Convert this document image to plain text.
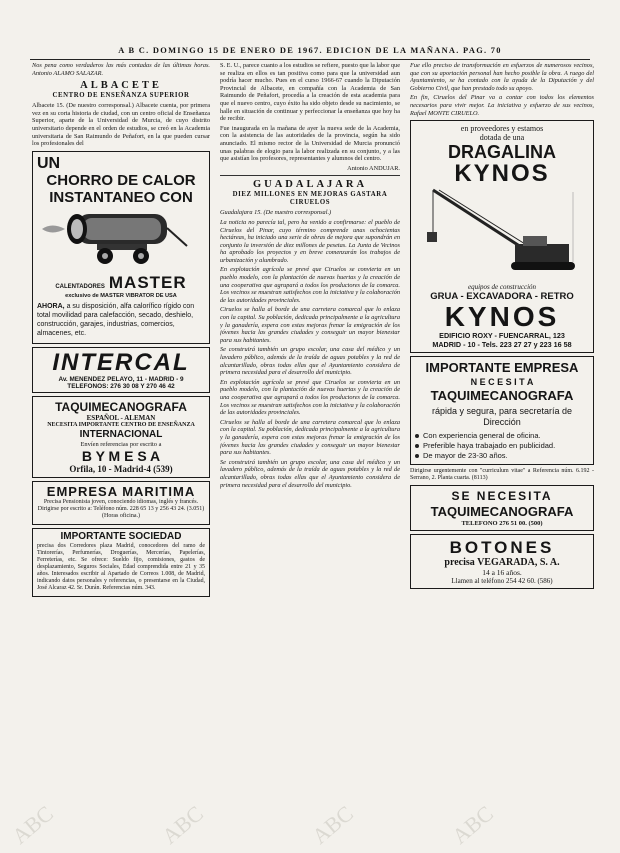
A B C. DOMINGO 15 DE ENERO DE 1967. EDICION DE LA MAÑANA. PAG. 70

Nos pena como verdaderos las más contadas de las últimas horas. Antonio ALAMO SALAZAR.

ALBACETE
CENTRO DE ENSEÑANZA SUPERIOR

Albacete 15. (De nuestro corresponsal.) Albacete cuenta, por primera vez en su corta historia de ciudad, con un centro oficial de Enseñanza Superior, aparte de la Universidad de Murcia, de cuyo distrito universitario depende en el orden de estudios, se creó en la Academia universitaria de San Raimundo de Peñafort, en la que pueden cursar los profesionales del

UN
CHORRO DE CALOR
INSTANTANEO CON
CALENTADORES MASTER
exclusivo de MASTER VIBRATOR DE USA

AHORA, a su disposición, alfa calorífico rígido con total movilidad para calefacción, secado, deshielo, construcción, garajes, industrias, comercios, almacenes, etc.

INTERCAL
Av. MENENDEZ PELAYO, 11 - MADRID - 9
TELEFONOS: 276 30 08 Y 270 46 42
TAQUIMECANOGRAFA
ESPAÑOL - ALEMAN
NECESITA IMPORTANTE CENTRO DE ENSEÑANZA
INTERNACIONAL
Envíen referencias por escrito a
B Y M E S A
Orfila, 10 - Madrid-4 (539)
EMPRESA MARITIMA

Precisa Pensionista joven, conociendo idiomas, inglés y francés. Dirigirse por escrito a: Teléfono núm. 228 65 13 y 256 43 24. (3.051) (Horas oficina.)

IMPORTANTE SOCIEDAD

precisa dos Corredores plaza Madrid, conocedores del ramo de Tintorerías, Perfumerías, Droguerías, Mercerías, Papelerías, Ferreterías, etc. Se ofrece: Sueldo fijo, comisiones, gastos de desplazamiento, Seguros Sociales, Edad comprendida entre 21 y 35 años. Interesados escribir al Apartado de Correos 1.008, de Madrid, indicando datos personales y referencias, o presentarse en la Ciudad, José Alcaraz 42. Sr. Durán. Referencias núm. 343.

S. E. U., parece cuanto a los estudios se refiere, puesto que la labor que se realiza en ellos es tan positiva como para que la universidad aun podría hacer mucho. Pues en el curso 1966-67 cuando la Diputación Provincial de Albacete, en compañía con la Academia de San Raimundo de Peñafort, procedía a la creación de esta academia para que el nuevo centro, cuyo éxito ha sido objeto desde su nacimiento, se halle en situación de continuar y perfeccionar la enseñanza que hoy ha de recibir.

Fue inaugurada en la mañana de ayer la nueva sede de la Academia, con la asistencia de las autoridades de la provincia, según ha sido anunciado. El mismo rector de la Universidad de Murcia pronunció unas palabras de elogio para la labor realizada en su conjunto, y a las que asistían los profesores, representantes y alumnos del centro.

Antonio ANDUJAR.

GUADALAJARA
DIEZ MILLONES EN MEJORAS GASTARA CIRUELOS

Guadalajara 15. (De nuestro corresponsal.)

La noticia no parecía tal, pero ha venido a confirmarse: el pueblo de Ciruelos del Pinar, cuyo término comprende unas ochocientas hectáreas, ha iniciado una serie de obras de mejora que supondrán en conjunto la inversión de diez millones de pesetas. La Junta de Vecinos ha aprobado los proyectos y en breve comenzarán los trabajos de urbanización y alumbrado.

En explotación agrícola se prevé que Ciruelos se convierta en un pueblo modelo, con la plantación de nuevas huertas y la creación de una cooperativa que agrupará a todos los productores de la comarca. Los vecinos se muestran satisfechos con la iniciativa y la colaboración de las autoridades provinciales.

Ciruelos se halla al borde de una carretera comarcal que lo enlaza con la capital. Su población, dedicada principalmente a la agricultura y la ganadería, espera con estas mejoras frenar la emigración de los jóvenes hacia las grandes ciudades y conseguir un mayor bienestar para sus habitantes.

Se construirá también un grupo escolar, una casa del médico y un lavadero público, además de la traída de aguas potables y la red de alcantarillado, obras todas ellas que el Ayuntamiento considera de primera necesidad para el desarrollo del municipio.

En explotación agrícola se prevé que Ciruelos se convierta en un pueblo modelo, con la plantación de nuevas huertas y la creación de una cooperativa que agrupará a todos los productores de la comarca. Los vecinos se muestran satisfechos con la iniciativa y la colaboración de las autoridades provinciales.

Ciruelos se halla al borde de una carretera comarcal que lo enlaza con la capital. Su población, dedicada principalmente a la agricultura y la ganadería, espera con estas mejoras frenar la emigración de los jóvenes hacia las grandes ciudades y conseguir un mayor bienestar para sus habitantes.

Se construirá también un grupo escolar, una casa del médico y un lavadero público, además de la traída de aguas potables y la red de alcantarillado, obras todas ellas que el Ayuntamiento considera de primera necesidad para el desarrollo del municipio.

Fue ello preciso de transformación en esfuerzos de numerosos vecinos, que con su aportación personal han hecho posible la obra. A ruego del Ayuntamiento, se ha contado con la ayuda de la Diputación y del Gobierno Civil, que han prestado todo su apoyo.

En fin, Ciruelos del Pinar va a contar con todos los elementos necesarios para vivir mejor. La iniciativa y esfuerzo de sus vecinos, Rafael MONTE CIRUELO.

en proveedores y estamos
dotada de una
DRAGALINA
KYNOS
equipos de construcción
GRUA - EXCAVADORA - RETRO
KYNOS
EDIFICIO ROXY - FUENCARRAL, 123
MADRID - 10 - Tels. 223 27 27 y 223 16 58
IMPORTANTE EMPRESA
N E C E S I T A
TAQUIMECANOGRAFA
rápida y segura, para secretaría de Dirección
Con experiencia general de oficina.
Preferible haya trabajado en publicidad.
De mayor de 23-30 años.

Dirigirse urgentemente con "curriculum vitae" a Referencia núm. 6.192 - Serrano, 2. Planta cuarta. (8113)

SE NECESITA
TAQUIMECANOGRAFA
TELEFONO 276 51 00. (500)
BOTONES
precisa VEGARADA, S. A.
14 a 16 años.
Llamen al teléfono 254 42 60. (586)
ABC	ABC	ABC	ABC
